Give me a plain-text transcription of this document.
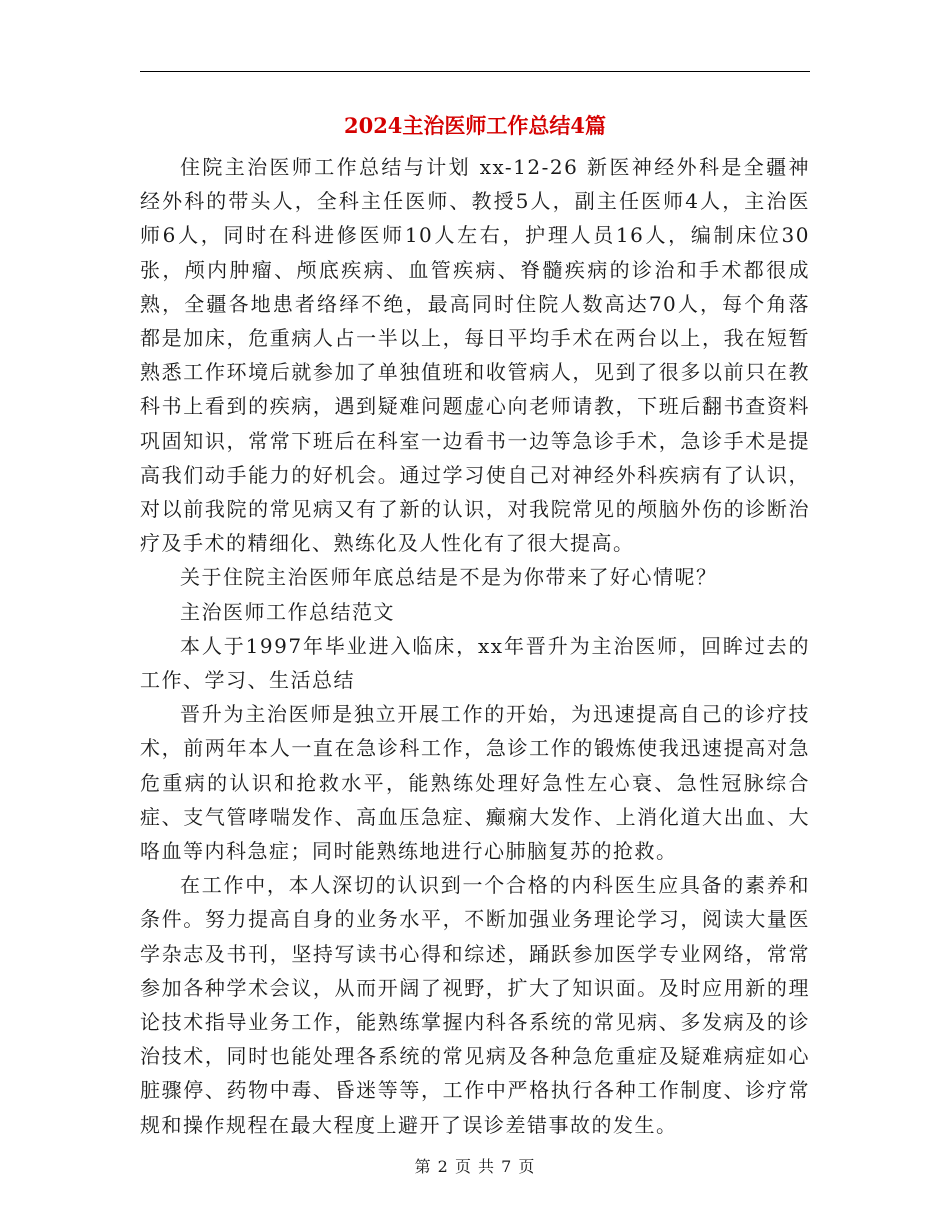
2024主治医师工作总结4篇

住院主治医师工作总结与计划 xx-12-26 新医神经外科是全疆神经外科的带头人，全科主任医师、教授5人，副主任医师4人，主治医师6人，同时在科进修医师10人左右，护理人员16人，编制床位30张，颅内肿瘤、颅底疾病、血管疾病、脊髓疾病的诊治和手术都很成熟，全疆各地患者络绎不绝，最高同时住院人数高达70人，每个角落都是加床，危重病人占一半以上，每日平均手术在两台以上，我在短暂熟悉工作环境后就参加了单独值班和收管病人，见到了很多以前只在教科书上看到的疾病，遇到疑难问题虚心向老师请教，下班后翻书查资料巩固知识，常常下班后在科室一边看书一边等急诊手术，急诊手术是提高我们动手能力的好机会。通过学习使自己对神经外科疾病有了认识，对以前我院的常见病又有了新的认识，对我院常见的颅脑外伤的诊断治疗及手术的精细化、熟练化及人性化有了很大提高。

关于住院主治医师年底总结是不是为你带来了好心情呢？

主治医师工作总结范文

本人于1997年毕业进入临床，xx年晋升为主治医师，回眸过去的工作、学习、生活总结

晋升为主治医师是独立开展工作的开始，为迅速提高自己的诊疗技术，前两年本人一直在急诊科工作，急诊工作的锻炼使我迅速提高对急危重病的认识和抢救水平，能熟练处理好急性左心衰、急性冠脉综合症、支气管哮喘发作、高血压急症、癫痫大发作、上消化道大出血、大咯血等内科急症；同时能熟练地进行心肺脑复苏的抢救。

在工作中，本人深切的认识到一个合格的内科医生应具备的素养和条件。努力提高自身的业务水平，不断加强业务理论学习，阅读大量医学杂志及书刊，坚持写读书心得和综述，踊跃参加医学专业网络，常常参加各种学术会议，从而开阔了视野，扩大了知识面。及时应用新的理论技术指导业务工作，能熟练掌握内科各系统的常见病、多发病及的诊治技术，同时也能处理各系统的常见病及各种急危重症及疑难病症如心脏骤停、药物中毒、昏迷等等，工作中严格执行各种工作制度、诊疗常规和操作规程在最大程度上避开了误诊差错事故的发生。

第 2 页 共 7 页
